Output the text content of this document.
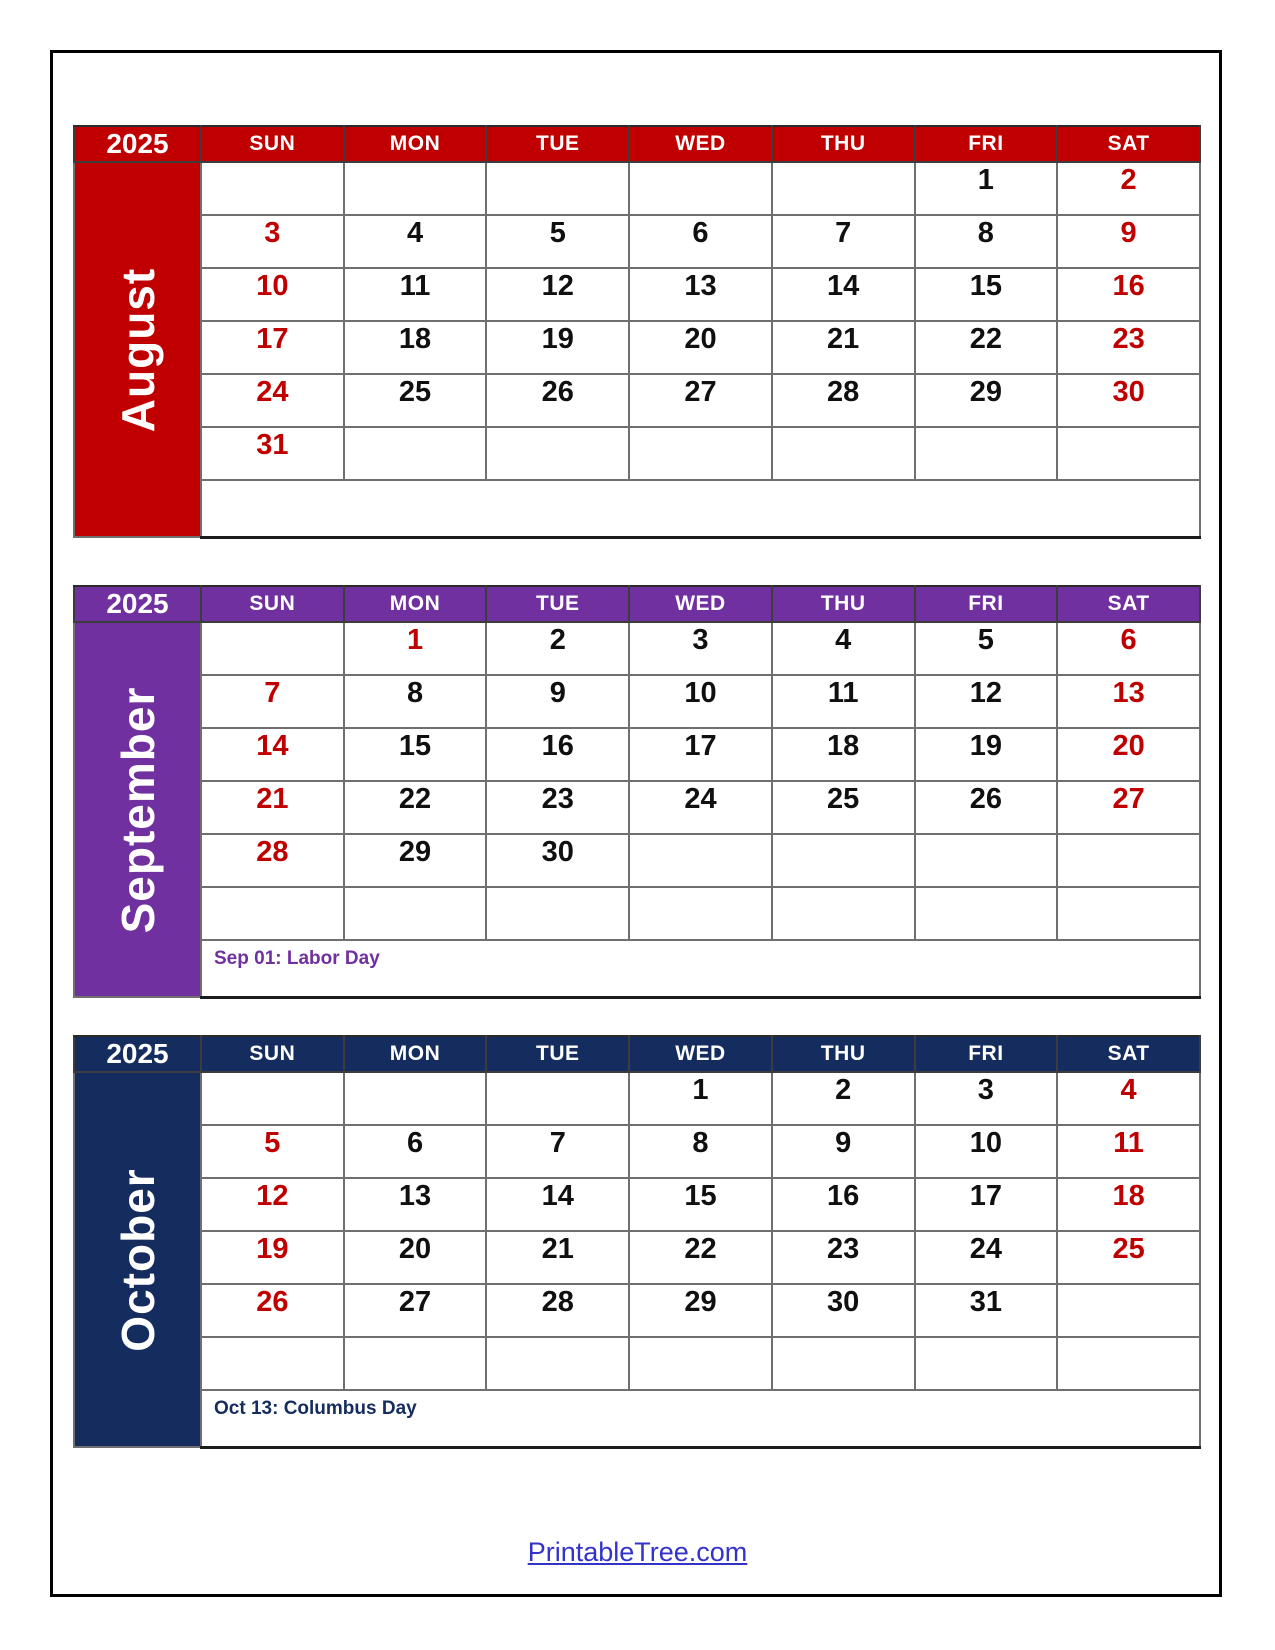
2025	SUN	MON	TUE	WED	THU	FRI	SAT

August						1	2
	3	4	5	6	7	8	9
	10	11	12	13	14	15	16
	17	18	19	20	21	22	23
	24	25	26	27	28	29	30
	31						

2025	SUN	MON	TUE	WED	THU	FRI	SAT

September		1	2	3	4	5	6
	7	8	9	10	11	12	13
	14	15	16	17	18	19	20
	21	22	23	24	25	26	27
	28	29	30				

	Sep 01: Labor Day						
2025	SUN	MON	TUE	WED	THU	FRI	SAT

October				1	2	3	4
	5	6	7	8	9	10	11
	12	13	14	15	16	17	18
	19	20	21	22	23	24	25
	26	27	28	29	30	31	

	Oct 13: Columbus Day						
PrintableTree.com
